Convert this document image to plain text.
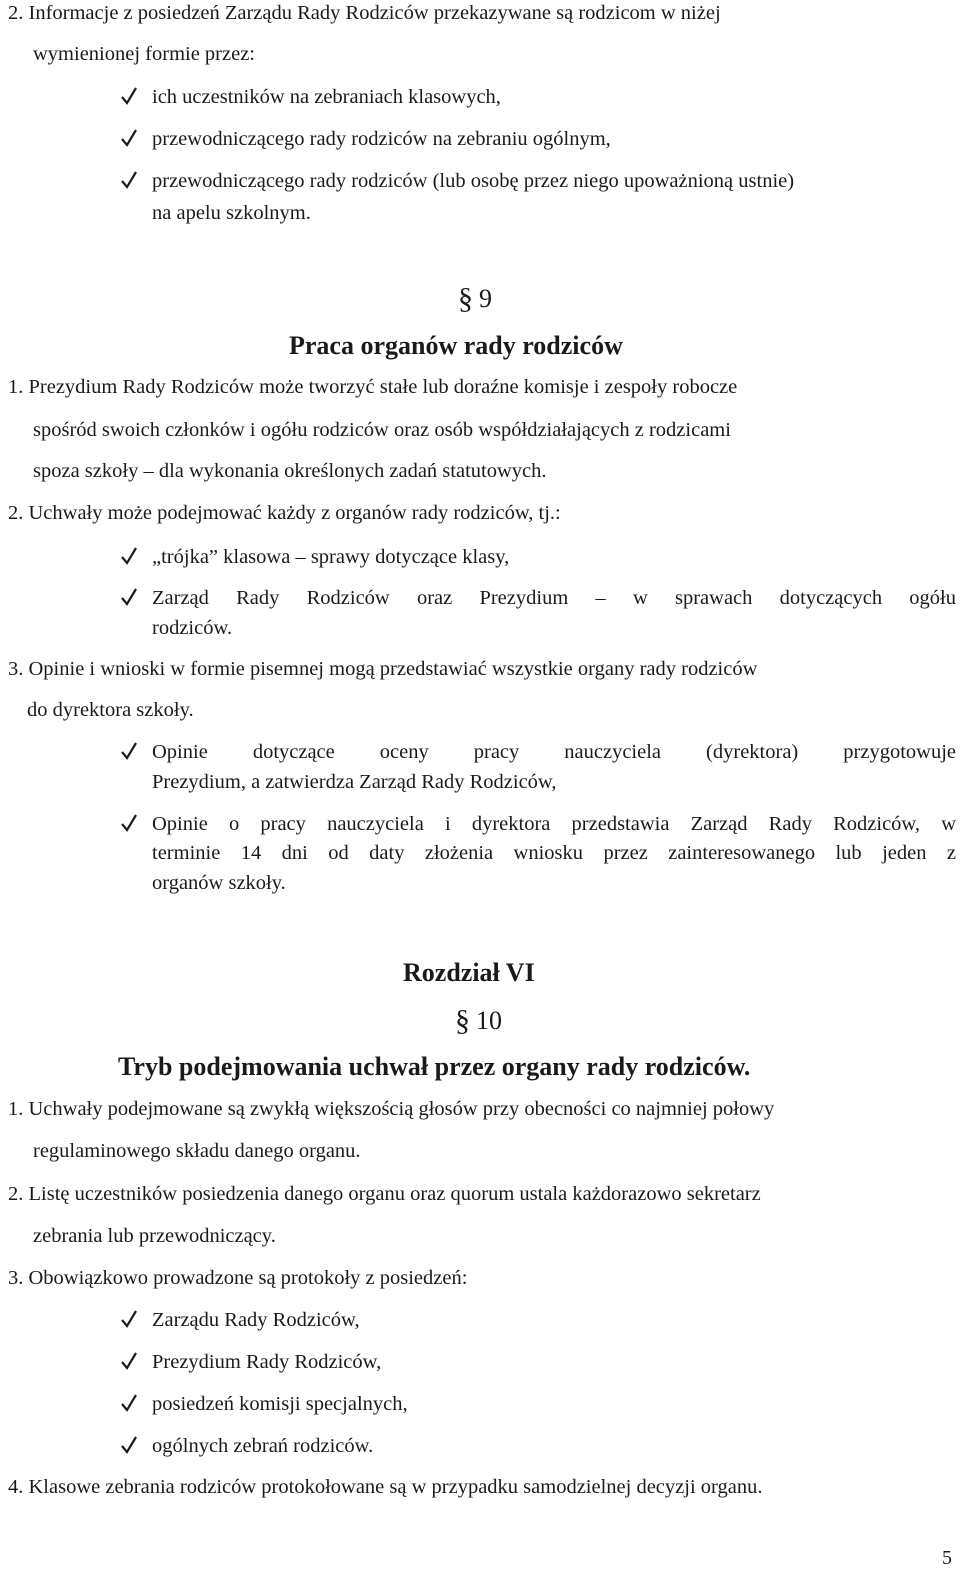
2. Informacje z posiedzeń Zarządu Rady Rodziców przekazywane są rodzicom w niżej
wymienionej formie przez:
ich uczestników na zebraniach klasowych,
przewodniczącego rady rodziców na zebraniu ogólnym,
przewodniczącego rady rodziców (lub osobę przez niego upoważnioną ustnie)
na apelu szkolnym.
§ 9
Praca organów rady rodziców
1. Prezydium Rady Rodziców może tworzyć stałe lub doraźne komisje i zespoły robocze
spośród swoich członków i ogółu rodziców oraz osób współdziałających z rodzicami
spoza szkoły – dla wykonania określonych zadań statutowych.
2. Uchwały może podejmować każdy z organów rady rodziców, tj.:
„trójka” klasowa – sprawy dotyczące klasy,
Zarząd Rady Rodziców oraz Prezydium – w sprawach dotyczących ogółu
rodziców.
3. Opinie i wnioski w formie pisemnej mogą przedstawiać wszystkie organy rady rodziców
do dyrektora szkoły.
Opinie dotyczące oceny pracy nauczyciela (dyrektora) przygotowuje
Prezydium, a zatwierdza Zarząd Rady Rodziców,
Opinie o pracy nauczyciela i dyrektora przedstawia Zarząd Rady Rodziców, w
terminie 14 dni od daty złożenia wniosku przez zainteresowanego lub jeden z
organów szkoły.
Rozdział VI
§ 10
Tryb podejmowania uchwał przez organy rady rodziców.
1. Uchwały podejmowane są zwykłą większością głosów przy obecności co najmniej połowy
regulaminowego składu danego organu.
2. Listę uczestników posiedzenia danego organu oraz quorum ustala każdorazowo sekretarz
zebrania lub przewodniczący.
3. Obowiązkowo prowadzone są protokoły z posiedzeń:
Zarządu Rady Rodziców,
Prezydium Rady Rodziców,
posiedzeń komisji specjalnych,
ogólnych zebrań rodziców.
4. Klasowe zebrania rodziców protokołowane są w przypadku samodzielnej decyzji organu.
5
